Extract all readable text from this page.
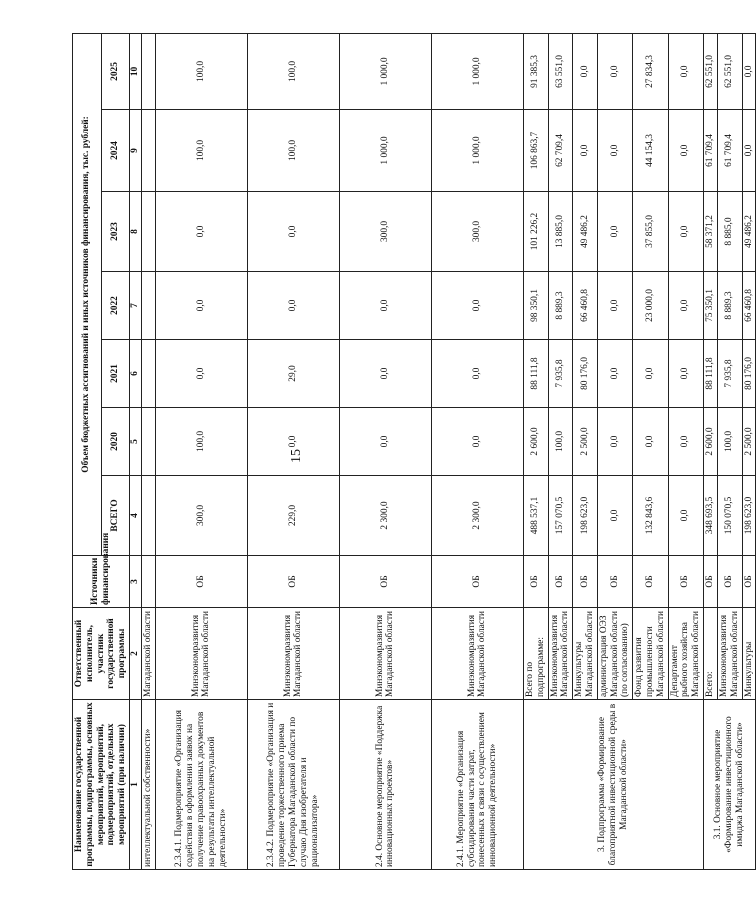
15
Наименование государственной программы, подпрограммы, основных мероприятий, мероприятий, подмероприятий, отдельных мероприятий (при наличии)	Ответственный исполнитель, участник государственной программы	Источники финансирования	Объем бюджетных ассигнований и иных источников финансирования, тыс. рублей:						
			ВСЕГО	2020	2021	2022	2023	2024	2025
1	2	3	4	5	6	7	8	9	10
интеллектуальной собственности»	Магаданской области								
2.3.4.1. Подмероприятие «Организация содействия в оформлении заявок на получение правоохранных документов на результаты интеллектуальной деятельности»	Минэкономразвития Магаданской области	ОБ	300,0	100,0	0,0	0,0	0,0	100,0	100,0
2.3.4.2. Подмероприятие «Организация и проведение торжественного приема Губернатора Магаданской области по случаю Дня изобретателя и рационализатора»	Минэкономразвития Магаданской области	ОБ	229,0	0,0	29,0	0,0	0,0	100,0	100,0
2.4. Основное мероприятие «Поддержка инновационных проектов»	Минэкономразвития Магаданской области	ОБ	2 300,0	0,0	0,0	0,0	300,0	1 000,0	1 000,0
2.4.1. Мероприятие «Организация субсидирования части затрат, понесенных в связи с осуществлением инновационной деятельности»	Минэкономразвития Магаданской области	ОБ	2 300,0	0,0	0,0	0,0	300,0	1 000,0	1 000,0
3. Подпрограмма «Формирование благоприятной инвестиционной среды в Магаданской области»	Всего по подпрограмме:	ОБ	488 537,1	2 600,0	88 111,8	98 350,1	101 226,2	106 863,7	91 385,3
	Минэкономразвития Магаданской области	ОБ	157 070,5	100,0	7 935,8	8 889,3	13 885,0	62 709,4	63 551,0
	Минкультуры Магаданской области	ОБ	198 623,0	2 500,0	80 176,0	66 460,8	49 486,2	0,0	0,0
	администрация ОЭЗ Магаданской области (по согласованию)	ОБ	0,0	0,0	0,0	0,0	0,0	0,0	0,0
	Фонд развития промышленности Магаданской области	ОБ	132 843,6	0,0	0,0	23 000,0	37 855,0	44 154,3	27 834,3
	Департамент рыбного хозяйства Магаданской области	ОБ	0,0	0,0	0,0	0,0	0,0	0,0	0,0
3.1. Основное мероприятие «Формирование инвестиционного имиджа Магаданской области»	Всего:	ОБ	348 693,5	2 600,0	88 111,8	75 350,1	58 371,2	61 709,4	62 551,0
	Минэкономразвития Магаданской области	ОБ	150 070,5	100,0	7 935,8	8 889,3	8 885,0	61 709,4	62 551,0
	Минкультуры	ОБ	198 623,0	2 500,0	80 176,0	66 460,8	49 486,2	0,0	0,0
